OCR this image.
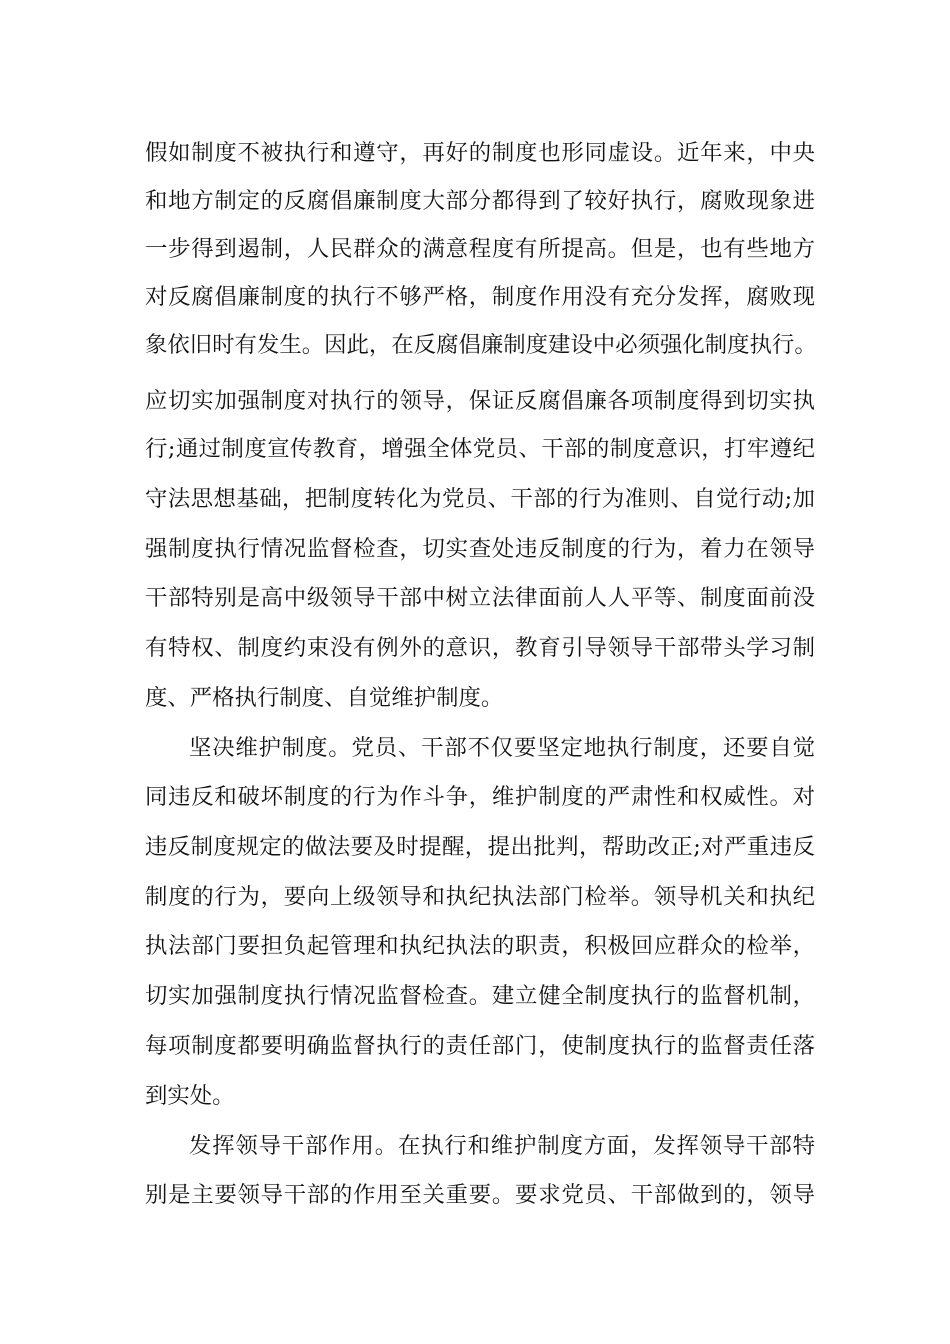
假如制度不被执行和遵守，再好的制度也形同虚设。近年来，中央
和地方制定的反腐倡廉制度大部分都得到了较好执行，腐败现象进
一步得到遏制，人民群众的满意程度有所提高。但是，也有些地方
对反腐倡廉制度的执行不够严格，制度作用没有充分发挥，腐败现
象依旧时有发生。因此，在反腐倡廉制度建设中必须强化制度执行。
应切实加强制度对执行的领导，保证反腐倡廉各项制度得到切实执
行;通过制度宣传教育，增强全体党员、干部的制度意识，打牢遵纪
守法思想基础，把制度转化为党员、干部的行为准则、自觉行动;加
强制度执行情况监督检查，切实查处违反制度的行为，着力在领导
干部特别是高中级领导干部中树立法律面前人人平等、制度面前没
有特权、制度约束没有例外的意识，教育引导领导干部带头学习制
度、严格执行制度、自觉维护制度。
坚决维护制度。党员、干部不仅要坚定地执行制度，还要自觉
同违反和破坏制度的行为作斗争，维护制度的严肃性和权威性。对
违反制度规定的做法要及时提醒，提出批判，帮助改正;对严重违反
制度的行为，要向上级领导和执纪执法部门检举。领导机关和执纪
执法部门要担负起管理和执纪执法的职责，积极回应群众的检举，
切实加强制度执行情况监督检查。建立健全制度执行的监督机制，
每项制度都要明确监督执行的责任部门，使制度执行的监督责任落
到实处。
发挥领导干部作用。在执行和维护制度方面，发挥领导干部特
别是主要领导干部的作用至关重要。要求党员、干部做到的，领导
